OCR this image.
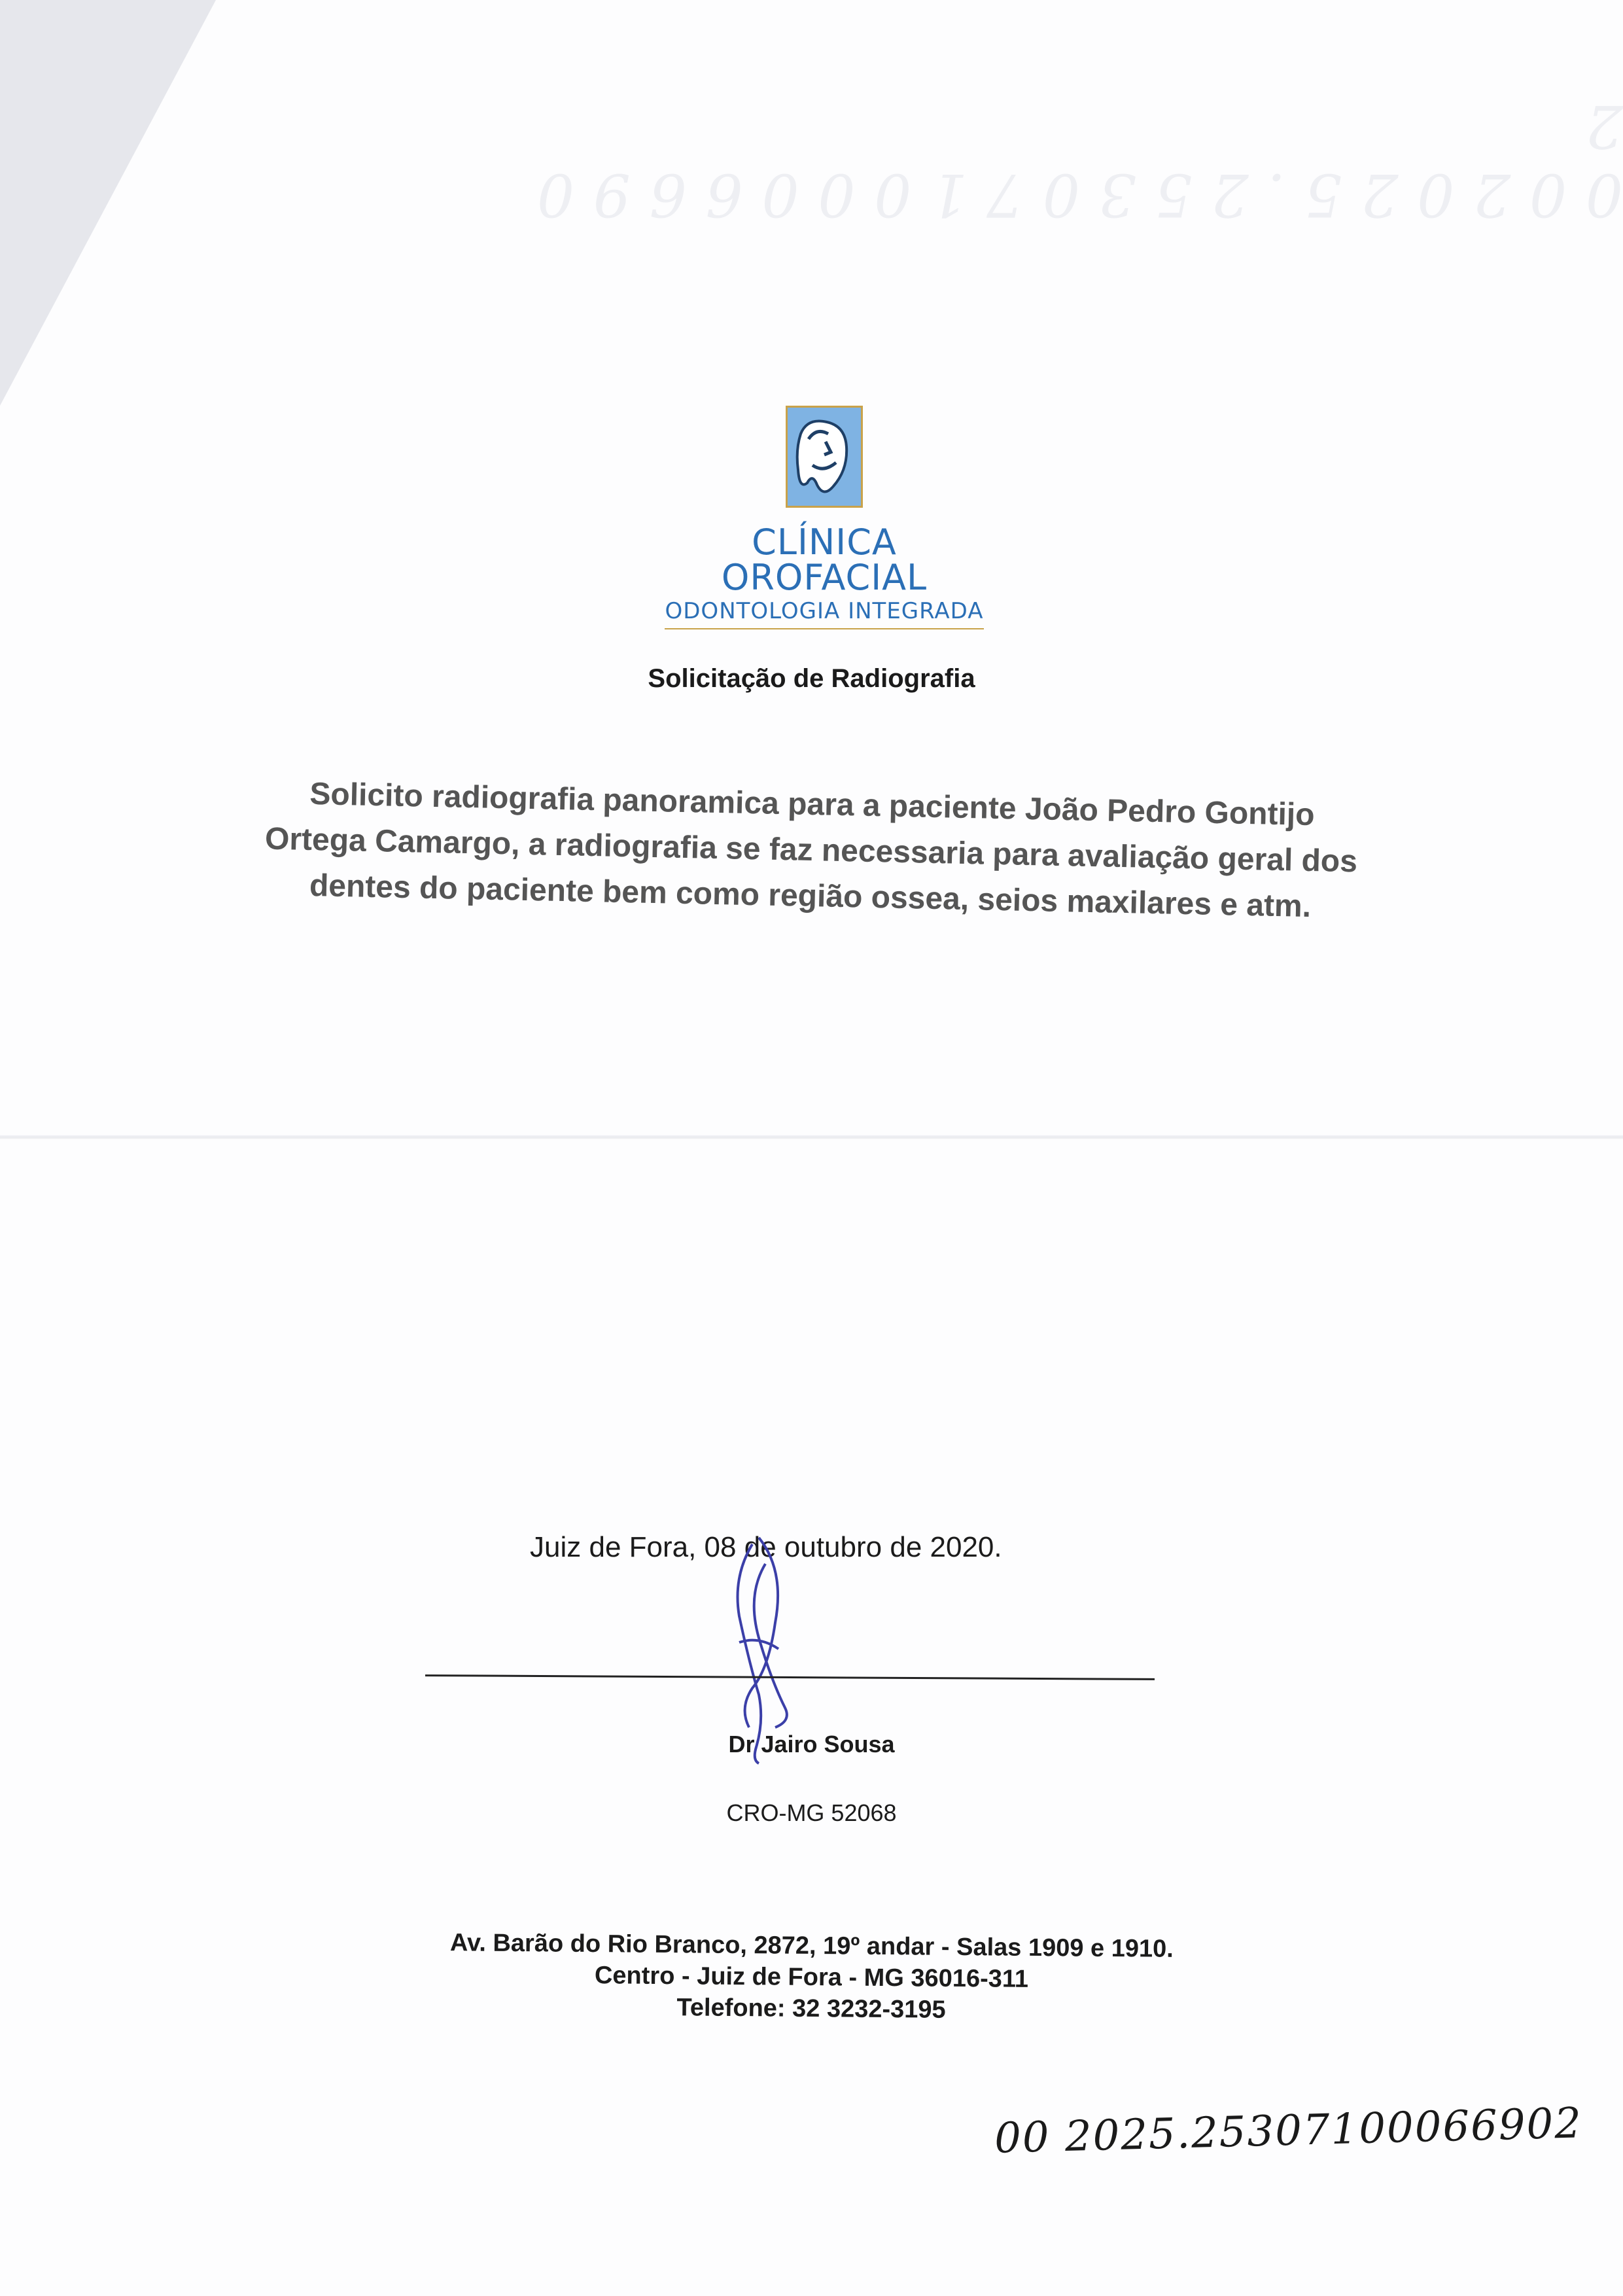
0 0 2 0 2 5 . 2 5 3 0 7 1 0 0 0 6 6 9 0 2
CLÍNICA OROFACIAL
ODONTOLOGIA INTEGRADA
Solicitação de Radiografia
Solicito radiografia panoramica para a paciente João Pedro Gontijo Ortega Camargo, a radiografia se faz necessaria para avaliação geral dos dentes do paciente bem como região ossea, seios maxilares e atm.
Juiz de Fora, 08 de outubro de 2020.
Dr Jairo Sousa
CRO-MG 52068
Av. Barão do Rio Branco, 2872, 19º andar - Salas 1909 e 1910.
Centro - Juiz de Fora - MG 36016-311
Telefone: 32 3232-3195
00 2025.25307100066902
